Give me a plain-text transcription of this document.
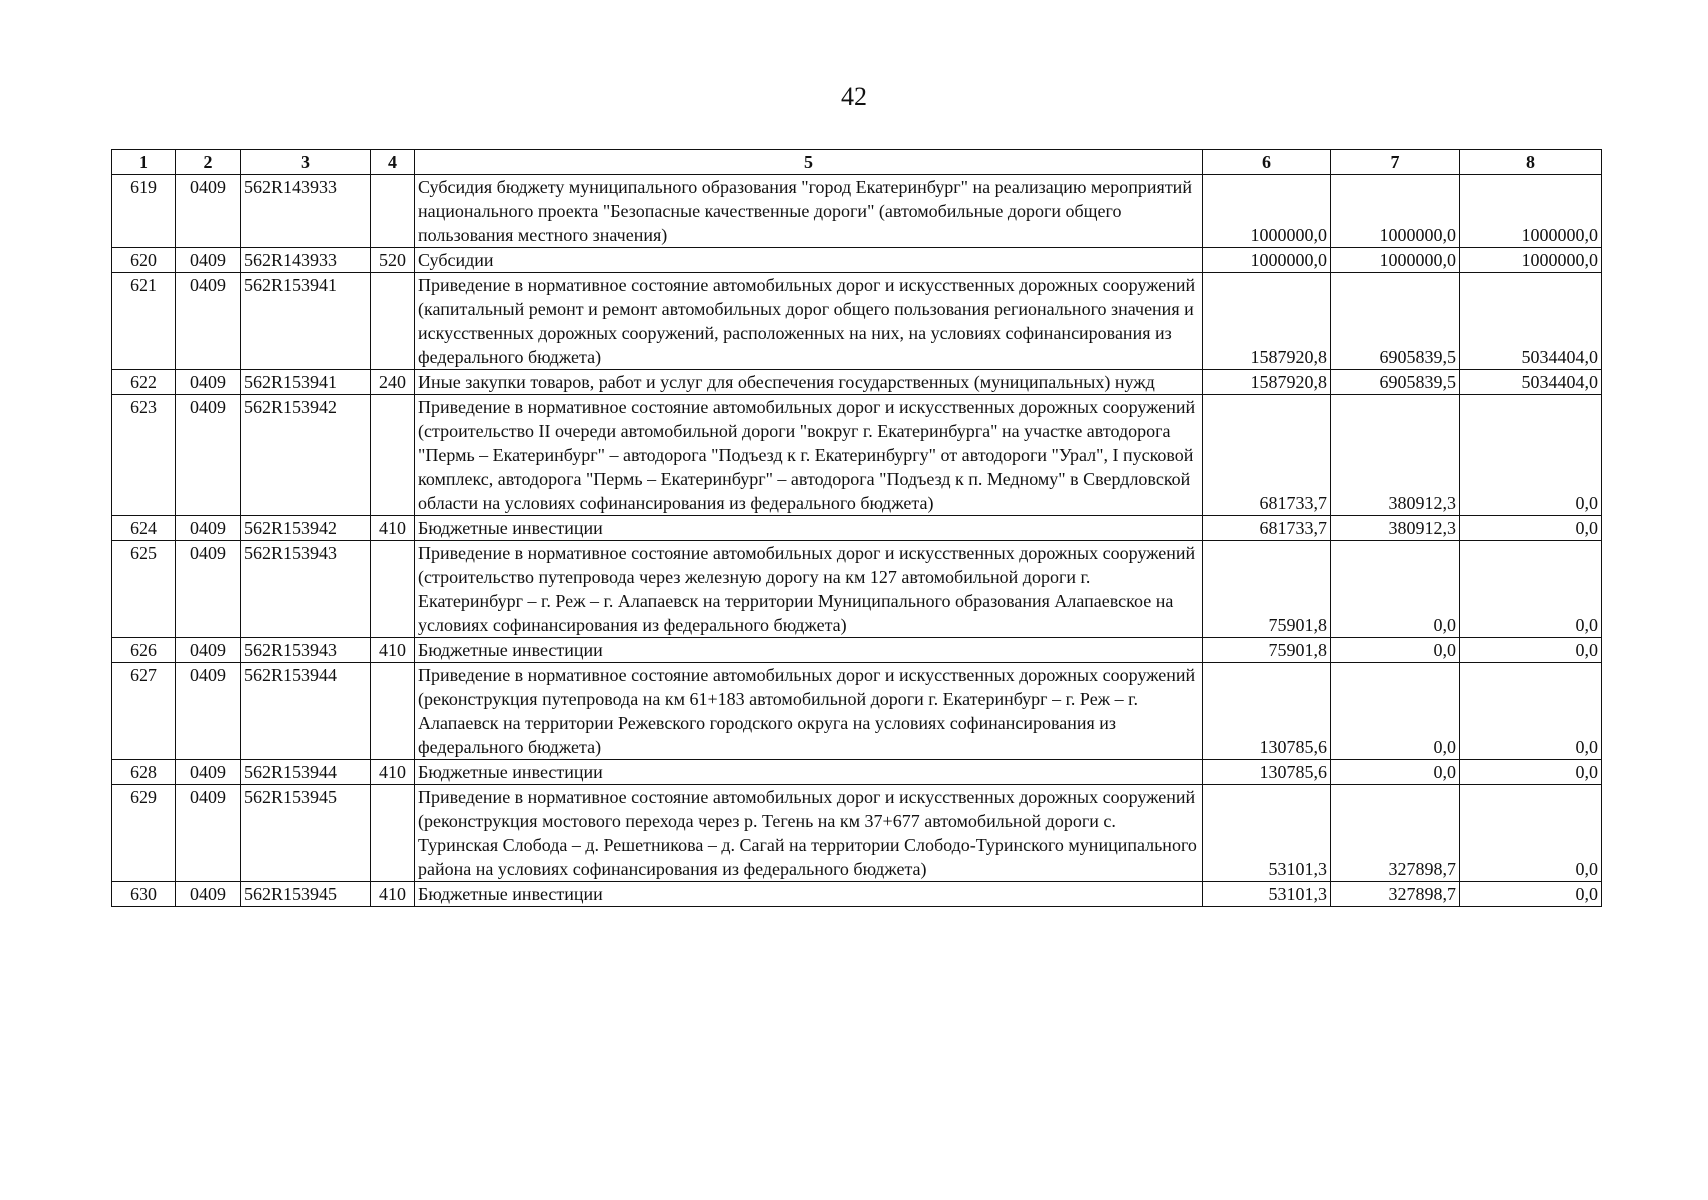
42
1	2	3	4	5	6	7	8
619	0409	562R143933		Субсидия бюджету муниципального образования "город Екатеринбург" на реализацию мероприятий национального проекта "Безопасные качественные дороги" (автомобильные дороги общего пользования местного значения)	1000000,0	1000000,0	1000000,0
620	0409	562R143933	520	Субсидии	1000000,0	1000000,0	1000000,0
621	0409	562R153941		Приведение в нормативное состояние автомобильных дорог и искусственных дорожных сооружений (капитальный ремонт и ремонт автомобильных дорог общего пользования регионального значения и искусственных дорожных сооружений, расположенных на них, на условиях софинансирования из федерального бюджета)	1587920,8	6905839,5	5034404,0
622	0409	562R153941	240	Иные закупки товаров, работ и услуг для обеспечения государственных (муниципальных) нужд	1587920,8	6905839,5	5034404,0
623	0409	562R153942		Приведение в нормативное состояние автомобильных дорог и искусственных дорожных сооружений (строительство II очереди автомобильной дороги "вокруг г. Екатеринбурга" на участке автодорога "Пермь – Екатеринбург" – автодорога "Подъезд к г. Екатеринбургу" от автодороги "Урал", I пусковой комплекс, автодорога "Пермь – Екатеринбург" – автодорога "Подъезд к п. Медному" в Свердловской области на условиях софинансирования из федерального бюджета)	681733,7	380912,3	0,0
624	0409	562R153942	410	Бюджетные инвестиции	681733,7	380912,3	0,0
625	0409	562R153943		Приведение в нормативное состояние автомобильных дорог и искусственных дорожных сооружений (строительство путепровода через железную дорогу на км 127 автомобильной дороги г. Екатеринбург – г. Реж – г. Алапаевск на территории Муниципального образования Алапаевское на условиях софинансирования из федерального бюджета)	75901,8	0,0	0,0
626	0409	562R153943	410	Бюджетные инвестиции	75901,8	0,0	0,0
627	0409	562R153944		Приведение в нормативное состояние автомобильных дорог и искусственных дорожных сооружений (реконструкция путепровода на км 61+183 автомобильной дороги г. Екатеринбург – г. Реж – г. Алапаевск на территории Режевского городского округа на условиях софинансирования из федерального бюджета)	130785,6	0,0	0,0
628	0409	562R153944	410	Бюджетные инвестиции	130785,6	0,0	0,0
629	0409	562R153945		Приведение в нормативное состояние автомобильных дорог и искусственных дорожных сооружений (реконструкция мостового перехода через р. Тегень на км 37+677 автомобильной дороги с. Туринская Слобода – д. Решетникова – д. Сагай на территории Слободо-Туринского муниципального района на условиях софинансирования из федерального бюджета)	53101,3	327898,7	0,0
630	0409	562R153945	410	Бюджетные инвестиции	53101,3	327898,7	0,0
